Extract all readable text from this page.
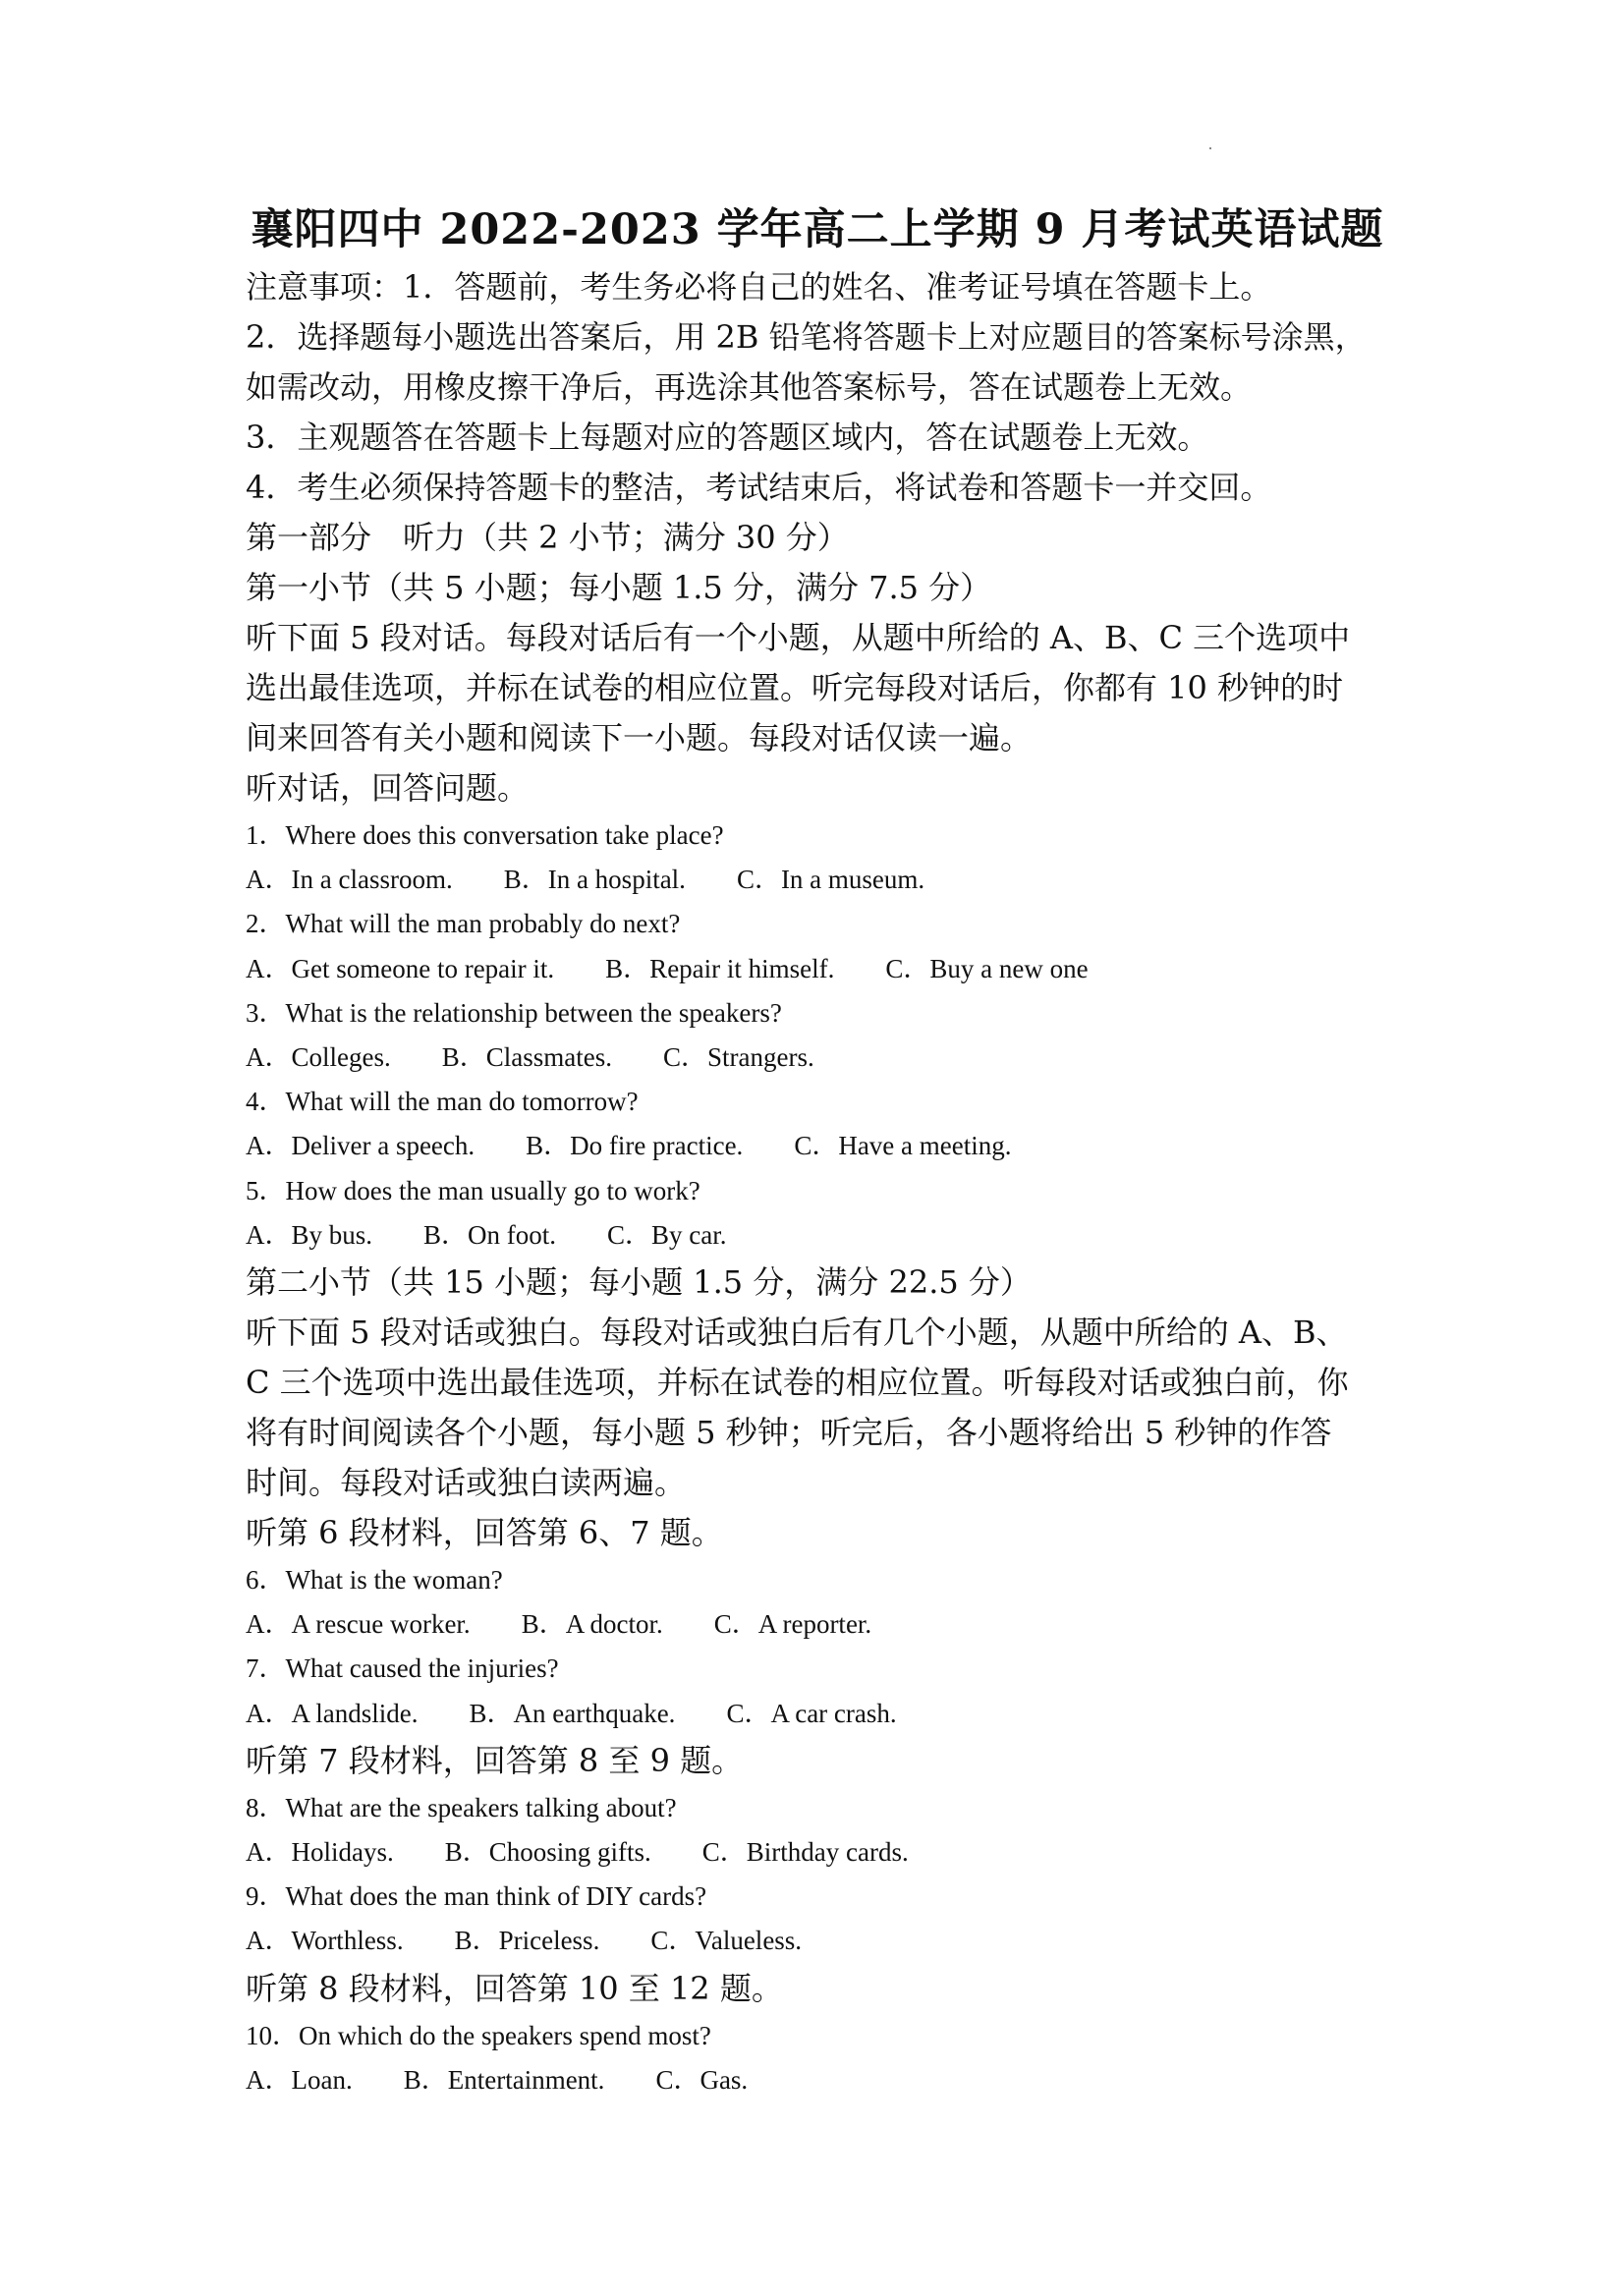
襄阳四中 2022-2023 学年高二上学期 9 月考试英语试题
注意事项：1．答题前，考生务必将自己的姓名、准考证号填在答题卡上。
2．选择题每小题选出答案后，用 2B 铅笔将答题卡上对应题目的答案标号涂黑，
如需改动，用橡皮擦干净后，再选涂其他答案标号，答在试题卷上无效。
3．主观题答在答题卡上每题对应的答题区域内，答在试题卷上无效。
4．考生必须保持答题卡的整洁，考试结束后，将试卷和答题卡一并交回。
第一部分　听力（共 2 小节；满分 30 分）
第一小节（共 5 小题；每小题 1.5 分，满分 7.5 分）
听下面 5 段对话。每段对话后有一个小题，从题中所给的 A、B、C 三个选项中
选出最佳选项，并标在试卷的相应位置。听完每段对话后，你都有 10 秒钟的时
间来回答有关小题和阅读下一小题。每段对话仅读一遍。
听对话，回答问题。
1．Where does this conversation take place?
A．In a classroom. B．In a hospital. C．In a museum.
2．What will the man probably do next?
A．Get someone to repair it. B．Repair it himself. C．Buy a new one
3．What is the relationship between the speakers?
A．Colleges. B．Classmates. C．Strangers.
4．What will the man do tomorrow?
A．Deliver a speech. B．Do fire practice. C．Have a meeting.
5．How does the man usually go to work?
A．By bus. B．On foot. C．By car.
第二小节（共 15 小题；每小题 1.5 分，满分 22.5 分）
听下面 5 段对话或独白。每段对话或独白后有几个小题，从题中所给的 A、B、
C 三个选项中选出最佳选项，并标在试卷的相应位置。听每段对话或独白前，你
将有时间阅读各个小题，每小题 5 秒钟；听完后，各小题将给出 5 秒钟的作答
时间。每段对话或独白读两遍。
听第 6 段材料，回答第 6、7 题。
6．What is the woman?
A．A rescue worker. B．A doctor. C．A reporter.
7．What caused the injuries?
A．A landslide. B．An earthquake. C．A car crash.
听第 7 段材料，回答第 8 至 9 题。
8．What are the speakers talking about?
A．Holidays. B．Choosing gifts. C．Birthday cards.
9．What does the man think of DIY cards?
A．Worthless. B．Priceless. C．Valueless.
听第 8 段材料，回答第 10 至 12 题。
10．On which do the speakers spend most?
A．Loan. B．Entertainment. C．Gas.
